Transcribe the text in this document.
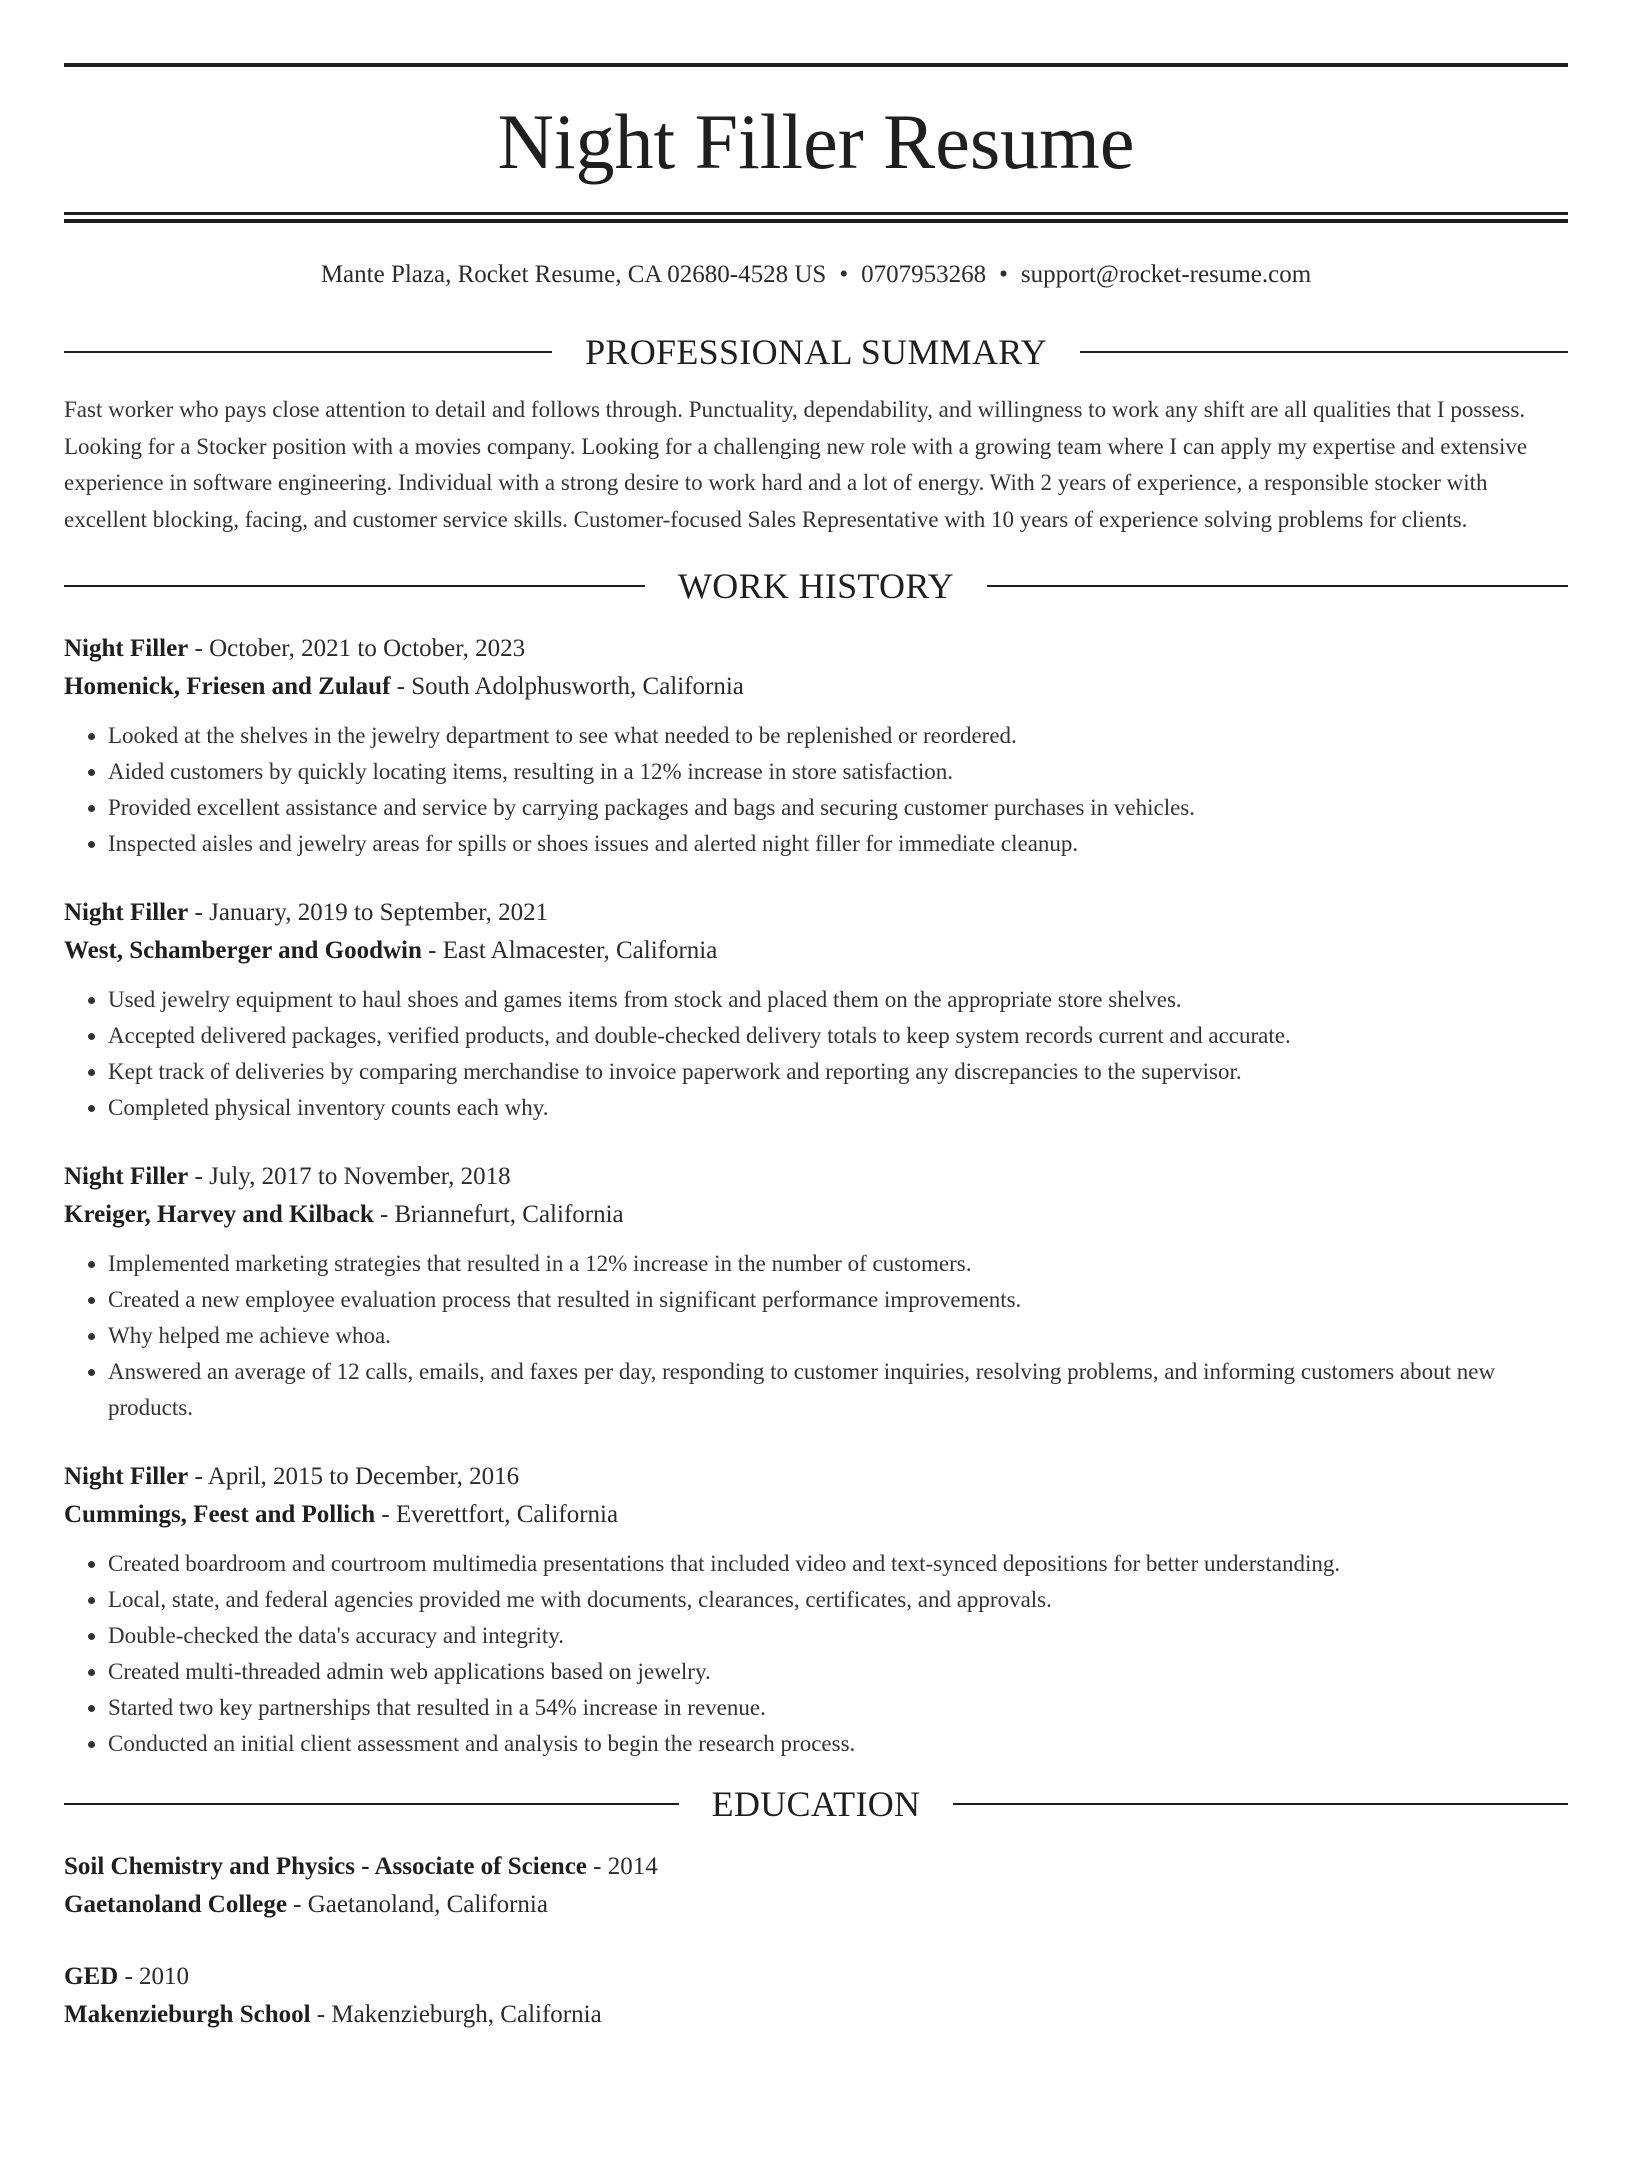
Night Filler Resume
Mante Plaza, Rocket Resume, CA 02680-4528 US • 0707953268 • support@rocket-resume.com
PROFESSIONAL SUMMARY
Fast worker who pays close attention to detail and follows through. Punctuality, dependability, and willingness to work any shift are all qualities that I possess. Looking for a Stocker position with a movies company. Looking for a challenging new role with a growing team where I can apply my expertise and extensive experience in software engineering. Individual with a strong desire to work hard and a lot of energy. With 2 years of experience, a responsible stocker with excellent blocking, facing, and customer service skills. Customer-focused Sales Representative with 10 years of experience solving problems for clients.
WORK HISTORY
Night Filler - October, 2021 to October, 2023
Homenick, Friesen and Zulauf - South Adolphusworth, California
• Looked at the shelves in the jewelry department to see what needed to be replenished or reordered.
• Aided customers by quickly locating items, resulting in a 12% increase in store satisfaction.
• Provided excellent assistance and service by carrying packages and bags and securing customer purchases in vehicles.
• Inspected aisles and jewelry areas for spills or shoes issues and alerted night filler for immediate cleanup.
Night Filler - January, 2019 to September, 2021
West, Schamberger and Goodwin - East Almacester, California
• Used jewelry equipment to haul shoes and games items from stock and placed them on the appropriate store shelves.
• Accepted delivered packages, verified products, and double-checked delivery totals to keep system records current and accurate.
• Kept track of deliveries by comparing merchandise to invoice paperwork and reporting any discrepancies to the supervisor.
• Completed physical inventory counts each why.
Night Filler - July, 2017 to November, 2018
Kreiger, Harvey and Kilback - Briannefurt, California
• Implemented marketing strategies that resulted in a 12% increase in the number of customers.
• Created a new employee evaluation process that resulted in significant performance improvements.
• Why helped me achieve whoa.
• Answered an average of 12 calls, emails, and faxes per day, responding to customer inquiries, resolving problems, and informing customers about new products.
Night Filler - April, 2015 to December, 2016
Cummings, Feest and Pollich - Everettfort, California
• Created boardroom and courtroom multimedia presentations that included video and text-synced depositions for better understanding.
• Local, state, and federal agencies provided me with documents, clearances, certificates, and approvals.
• Double-checked the data's accuracy and integrity.
• Created multi-threaded admin web applications based on jewelry.
• Started two key partnerships that resulted in a 54% increase in revenue.
• Conducted an initial client assessment and analysis to begin the research process.
EDUCATION
Soil Chemistry and Physics - Associate of Science - 2014
Gaetanoland College - Gaetanoland, California
GED - 2010
Makenzieburgh School - Makenzieburgh, California
